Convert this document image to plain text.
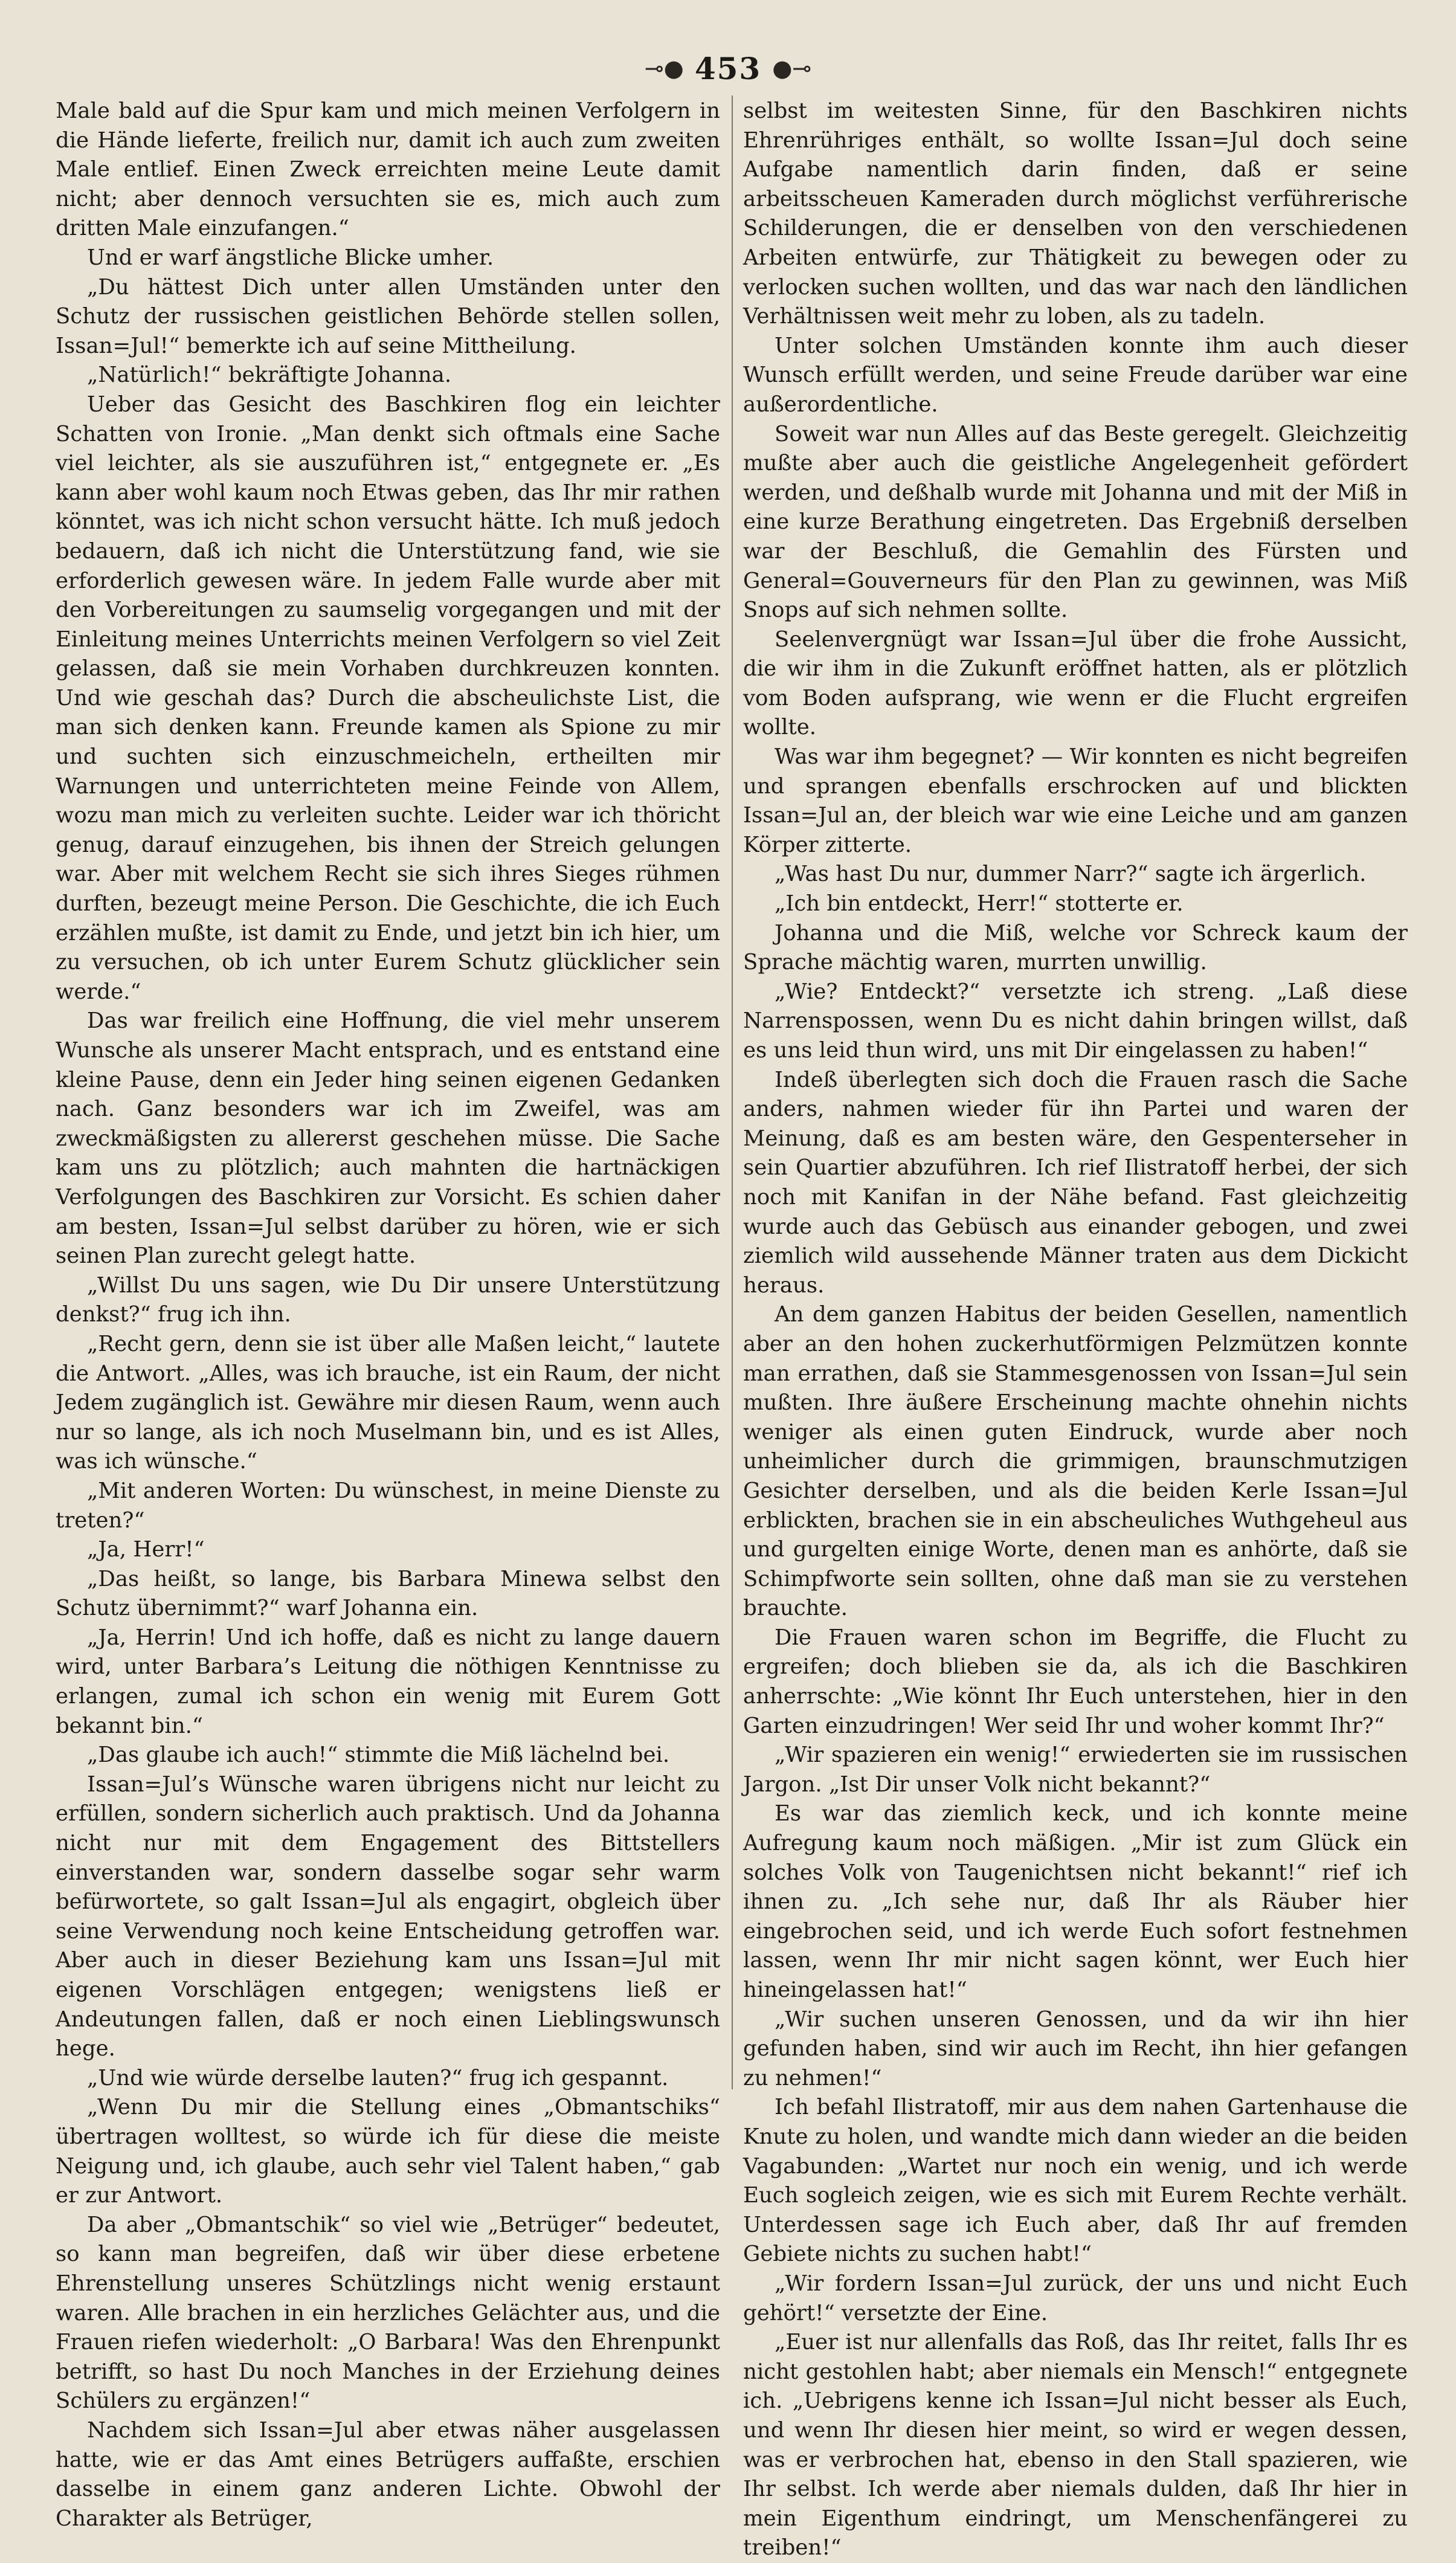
⊸● 453 ●⊸

Male bald auf die Spur kam und mich meinen Verfolgern in die Hände lieferte, freilich nur, damit ich auch zum zweiten Male entlief. Einen Zweck erreichten meine Leute damit nicht; aber dennoch versuchten sie es, mich auch zum dritten Male einzufangen.“

Und er warf ängstliche Blicke umher.

„Du hättest Dich unter allen Umständen unter den Schutz der russischen geistlichen Behörde stellen sollen, Issan=Jul!“ bemerkte ich auf seine Mittheilung.

„Natürlich!“ bekräftigte Johanna.

Ueber das Gesicht des Baschkiren flog ein leichter Schatten von Ironie. „Man denkt sich oftmals eine Sache viel leichter, als sie auszuführen ist,“ entgegnete er. „Es kann aber wohl kaum noch Etwas geben, das Ihr mir rathen könntet, was ich nicht schon versucht hätte. Ich muß jedoch bedauern, daß ich nicht die Unterstützung fand, wie sie erforderlich gewesen wäre. In jedem Falle wurde aber mit den Vorbereitungen zu saumselig vorgegangen und mit der Einleitung meines Unterrichts meinen Verfolgern so viel Zeit gelassen, daß sie mein Vorhaben durchkreuzen konnten. Und wie geschah das? Durch die abscheulichste List, die man sich denken kann. Freunde kamen als Spione zu mir und suchten sich einzuschmeicheln, ertheilten mir Warnungen und unterrichteten meine Feinde von Allem, wozu man mich zu verleiten suchte. Leider war ich thöricht genug, darauf einzugehen, bis ihnen der Streich gelungen war. Aber mit welchem Recht sie sich ihres Sieges rühmen durften, bezeugt meine Person. Die Geschichte, die ich Euch erzählen mußte, ist damit zu Ende, und jetzt bin ich hier, um zu versuchen, ob ich unter Eurem Schutz glücklicher sein werde.“

Das war freilich eine Hoffnung, die viel mehr unserem Wunsche als unserer Macht entsprach, und es entstand eine kleine Pause, denn ein Jeder hing seinen eigenen Gedanken nach. Ganz besonders war ich im Zweifel, was am zweckmäßigsten zu allererst geschehen müsse. Die Sache kam uns zu plötzlich; auch mahnten die hartnäckigen Verfolgungen des Baschkiren zur Vorsicht. Es schien daher am besten, Issan=Jul selbst darüber zu hören, wie er sich seinen Plan zurecht gelegt hatte.

„Willst Du uns sagen, wie Du Dir unsere Unterstützung denkst?“ frug ich ihn.

„Recht gern, denn sie ist über alle Maßen leicht,“ lautete die Antwort. „Alles, was ich brauche, ist ein Raum, der nicht Jedem zugänglich ist. Gewähre mir diesen Raum, wenn auch nur so lange, als ich noch Muselmann bin, und es ist Alles, was ich wünsche.“

„Mit anderen Worten: Du wünschest, in meine Dienste zu treten?“

„Ja, Herr!“

„Das heißt, so lange, bis Barbara Minewa selbst den Schutz übernimmt?“ warf Johanna ein.

„Ja, Herrin! Und ich hoffe, daß es nicht zu lange dauern wird, unter Barbara’s Leitung die nöthigen Kenntnisse zu erlangen, zumal ich schon ein wenig mit Eurem Gott bekannt bin.“

„Das glaube ich auch!“ stimmte die Miß lächelnd bei.

Issan=Jul’s Wünsche waren übrigens nicht nur leicht zu erfüllen, sondern sicherlich auch praktisch. Und da Johanna nicht nur mit dem Engagement des Bittstellers einverstanden war, sondern dasselbe sogar sehr warm befürwortete, so galt Issan=Jul als engagirt, obgleich über seine Verwendung noch keine Entscheidung getroffen war. Aber auch in dieser Beziehung kam uns Issan=Jul mit eigenen Vorschlägen entgegen; wenigstens ließ er Andeutungen fallen, daß er noch einen Lieblingswunsch hege.

„Und wie würde derselbe lauten?“ frug ich gespannt.

„Wenn Du mir die Stellung eines „Obmantschiks“ übertragen wolltest, so würde ich für diese die meiste Neigung und, ich glaube, auch sehr viel Talent haben,“ gab er zur Antwort.

Da aber „Obmantschik“ so viel wie „Betrüger“ bedeutet, so kann man begreifen, daß wir über diese erbetene Ehrenstellung unseres Schützlings nicht wenig erstaunt waren. Alle brachen in ein herzliches Gelächter aus, und die Frauen riefen wiederholt: „O Barbara! Was den Ehrenpunkt betrifft, so hast Du noch Manches in der Erziehung deines Schülers zu ergänzen!“

Nachdem sich Issan=Jul aber etwas näher ausgelassen hatte, wie er das Amt eines Betrügers auffaßte, erschien dasselbe in einem ganz anderen Lichte. Obwohl der Charakter als Betrüger,

selbst im weitesten Sinne, für den Baschkiren nichts Ehrenrühriges enthält, so wollte Issan=Jul doch seine Aufgabe namentlich darin finden, daß er seine arbeitsscheuen Kameraden durch möglichst verführerische Schilderungen, die er denselben von den verschiedenen Arbeiten entwürfe, zur Thätigkeit zu bewegen oder zu verlocken suchen wollten, und das war nach den ländlichen Verhältnissen weit mehr zu loben, als zu tadeln.

Unter solchen Umständen konnte ihm auch dieser Wunsch erfüllt werden, und seine Freude darüber war eine außerordentliche.

Soweit war nun Alles auf das Beste geregelt. Gleichzeitig mußte aber auch die geistliche Angelegenheit gefördert werden, und deßhalb wurde mit Johanna und mit der Miß in eine kurze Berathung eingetreten. Das Ergebniß derselben war der Beschluß, die Gemahlin des Fürsten und General=Gouverneurs für den Plan zu gewinnen, was Miß Snops auf sich nehmen sollte.

Seelenvergnügt war Issan=Jul über die frohe Aussicht, die wir ihm in die Zukunft eröffnet hatten, als er plötzlich vom Boden aufsprang, wie wenn er die Flucht ergreifen wollte.

Was war ihm begegnet? — Wir konnten es nicht begreifen und sprangen ebenfalls erschrocken auf und blickten Issan=Jul an, der bleich war wie eine Leiche und am ganzen Körper zitterte.

„Was hast Du nur, dummer Narr?“ sagte ich ärgerlich.

„Ich bin entdeckt, Herr!“ stotterte er.

Johanna und die Miß, welche vor Schreck kaum der Sprache mächtig waren, murrten unwillig.

„Wie? Entdeckt?“ versetzte ich streng. „Laß diese Narrenspossen, wenn Du es nicht dahin bringen willst, daß es uns leid thun wird, uns mit Dir eingelassen zu haben!“

Indeß überlegten sich doch die Frauen rasch die Sache anders, nahmen wieder für ihn Partei und waren der Meinung, daß es am besten wäre, den Gespenterseher in sein Quartier abzuführen. Ich rief Ilistratoff herbei, der sich noch mit Kanifan in der Nähe befand. Fast gleichzeitig wurde auch das Gebüsch aus einander gebogen, und zwei ziemlich wild aussehende Männer traten aus dem Dickicht heraus.

An dem ganzen Habitus der beiden Gesellen, namentlich aber an den hohen zuckerhutförmigen Pelzmützen konnte man errathen, daß sie Stammesgenossen von Issan=Jul sein mußten. Ihre äußere Erscheinung machte ohnehin nichts weniger als einen guten Eindruck, wurde aber noch unheimlicher durch die grimmigen, braunschmutzigen Gesichter derselben, und als die beiden Kerle Issan=Jul erblickten, brachen sie in ein abscheuliches Wuthgeheul aus und gurgelten einige Worte, denen man es anhörte, daß sie Schimpfworte sein sollten, ohne daß man sie zu verstehen brauchte.

Die Frauen waren schon im Begriffe, die Flucht zu ergreifen; doch blieben sie da, als ich die Baschkiren anherrschte: „Wie könnt Ihr Euch unterstehen, hier in den Garten einzudringen! Wer seid Ihr und woher kommt Ihr?“

„Wir spazieren ein wenig!“ erwiederten sie im russischen Jargon. „Ist Dir unser Volk nicht bekannt?“

Es war das ziemlich keck, und ich konnte meine Aufregung kaum noch mäßigen. „Mir ist zum Glück ein solches Volk von Taugenichtsen nicht bekannt!“ rief ich ihnen zu. „Ich sehe nur, daß Ihr als Räuber hier eingebrochen seid, und ich werde Euch sofort festnehmen lassen, wenn Ihr mir nicht sagen könnt, wer Euch hier hineingelassen hat!“

„Wir suchen unseren Genossen, und da wir ihn hier gefunden haben, sind wir auch im Recht, ihn hier gefangen zu nehmen!“

Ich befahl Ilistratoff, mir aus dem nahen Gartenhause die Knute zu holen, und wandte mich dann wieder an die beiden Vagabunden: „Wartet nur noch ein wenig, und ich werde Euch sogleich zeigen, wie es sich mit Eurem Rechte verhält. Unterdessen sage ich Euch aber, daß Ihr auf fremden Gebiete nichts zu suchen habt!“

„Wir fordern Issan=Jul zurück, der uns und nicht Euch gehört!“ versetzte der Eine.

„Euer ist nur allenfalls das Roß, das Ihr reitet, falls Ihr es nicht gestohlen habt; aber niemals ein Mensch!“ entgegnete ich. „Uebrigens kenne ich Issan=Jul nicht besser als Euch, und wenn Ihr diesen hier meint, so wird er wegen dessen, was er verbrochen hat, ebenso in den Stall spazieren, wie Ihr selbst. Ich werde aber niemals dulden, daß Ihr hier in mein Eigenthum eindringt, um Menschenfängerei zu treiben!“
